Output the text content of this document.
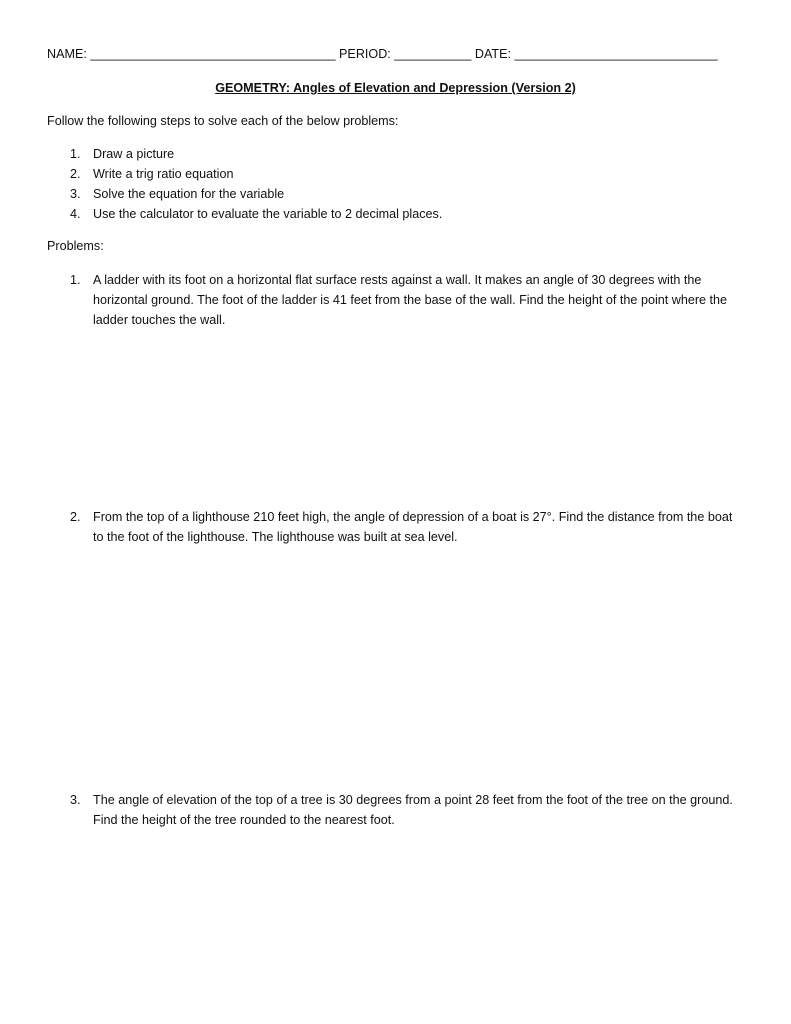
NAME: ___________________________________ PERIOD: ___________ DATE: _____________________________
GEOMETRY: Angles of Elevation and Depression (Version 2)
Follow the following steps to solve each of the below problems:
1. Draw a picture
2. Write a trig ratio equation
3. Solve the equation for the variable
4. Use the calculator to evaluate the variable to 2 decimal places.
Problems:
1. A ladder with its foot on a horizontal flat surface rests against a wall. It makes an angle of 30 degrees with the horizontal ground. The foot of the ladder is 41 feet from the base of the wall. Find the height of the point where the ladder touches the wall.
2. From the top of a lighthouse 210 feet high, the angle of depression of a boat is 27°. Find the distance from the boat to the foot of the lighthouse. The lighthouse was built at sea level.
3. The angle of elevation of the top of a tree is 30 degrees from a point 28 feet from the foot of the tree on the ground. Find the height of the tree rounded to the nearest foot.
